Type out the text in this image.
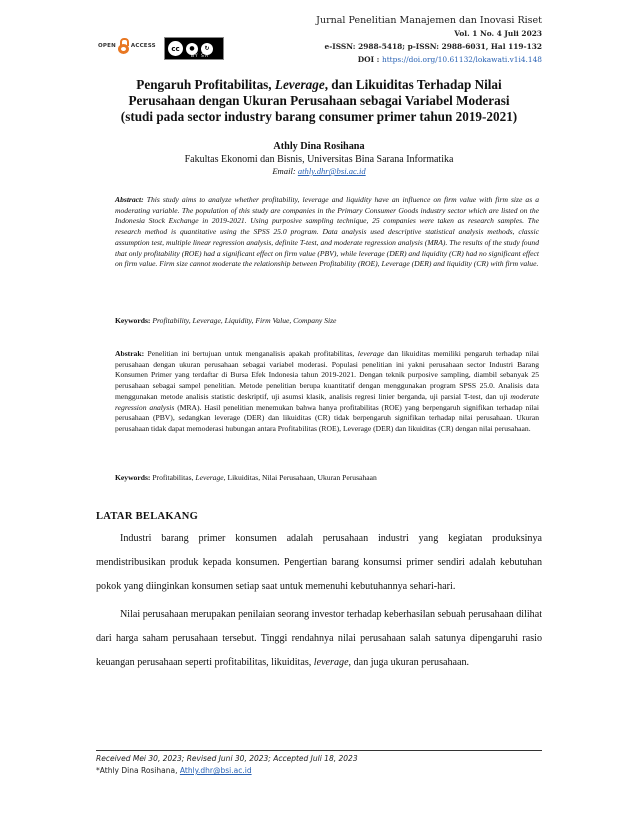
Jurnal Penelitian Manajemen dan Inovasi Riset
Vol. 1 No. 4 Juli 2023
e-ISSN: 2988-5418; p-ISSN: 2988-6031, Hal 119-132
DOI : https://doi.org/10.61132/lokawati.v1i4.148
OPEN	ACCESS	cc	●	↻
BY SA
Pengaruh Profitabilitas, Leverage, dan Likuiditas Terhadap Nilai
Perusahaan dengan Ukuran Perusahaan sebagai Variabel Moderasi
(studi pada sector industry barang consumer primer tahun 2019-2021)
Athly Dina Rosihana
Fakultas Ekonomi dan Bisnis, Universitas Bina Sarana Informatika
Email: athly.dhr@bsi.ac.id
Abstract: This study aims to analyze whether profitability, leverage and liquidity have an influence on firm value with firm size as a moderating variable. The population of this study are companies in the Primary Consumer Goods industry sector which are listed on the Indonesia Stock Exchange in 2019-2021. Using purposive sampling technique, 25 companies were taken as research samples. The research method is quantitative using the SPSS 25.0 program. Data analysis used descriptive statistical analysis methods, classic assumption test, multiple linear regression analysis, definite T-test, and moderate regression analysis (MRA). The results of the study found that only profitability (ROE) had a significant effect on firm value (PBV), while leverage (DER) and liquidity (CR) had no significant effect on firm value. Firm size cannot moderate the relationship between Profitability (ROE), Leverage (DER) and liquidity (CR) with firm value.
Keywords: Profitability, Leverage, Liquidity, Firm Value, Company Size
Abstrak: Penelitian ini bertujuan untuk menganalisis apakah profitabilitas, leverage dan likuiditas memiliki pengaruh terhadap nilai perusahaan dengan ukuran perusahaan sebagai variabel moderasi. Populasi penelitian ini yakni perusahaan sector Industri Barang Konsumen Primer yang terdaftar di Bursa Efek Indonesia tahun 2019-2021. Dengan teknik purposive sampling, diambil sebanyak 25 perusahaan sebagai sampel penelitian. Metode penelitian berupa kuantitatif dengan menggunakan program SPSS 25.0. Analisis data menggunakan metode analisis statistic deskriptif, uji asumsi klasik, analisis regresi linier berganda, uji parsial T-test, dan uji moderate regression analysis (MRA). Hasil penelitian menemukan bahwa hanya profitabilitas (ROE) yang berpengaruh signifikan terhadap nilai perusahaan (PBV), sedangkan leverage (DER) dan likuiditas (CR) tidak berpengaruh signifikan terhadap nilai perusahaan. Ukuran perusahaan tidak dapat memoderasi hubungan antara Profitabilitas (ROE), Leverage (DER) dan likuiditas (CR) dengan nilai perusahaan.
Keywords: Profitabilitas, Leverage, Likuiditas, Nilai Perusahaan, Ukuran Perusahaan
LATAR BELAKANG
Industri barang primer konsumen adalah perusahaan industri yang kegiatan produksinya mendistribusikan produk kepada konsumen. Pengertian barang konsumsi primer sendiri adalah kebutuhan pokok yang diinginkan konsumen setiap saat untuk memenuhi kebutuhannya sehari-hari.
Nilai perusahaan merupakan penilaian seorang investor terhadap keberhasilan sebuah perusahaan dilihat dari harga saham perusahaan tersebut. Tinggi rendahnya nilai perusahaan salah satunya dipengaruhi rasio keuangan perusahaan seperti profitabilitas, likuiditas, leverage, dan juga ukuran perusahaan.
Received Mei 30, 2023; Revised Juni 30, 2023; Accepted Juli 18, 2023
*Athly Dina Rosihana, Athly.dhr@bsi.ac.id
